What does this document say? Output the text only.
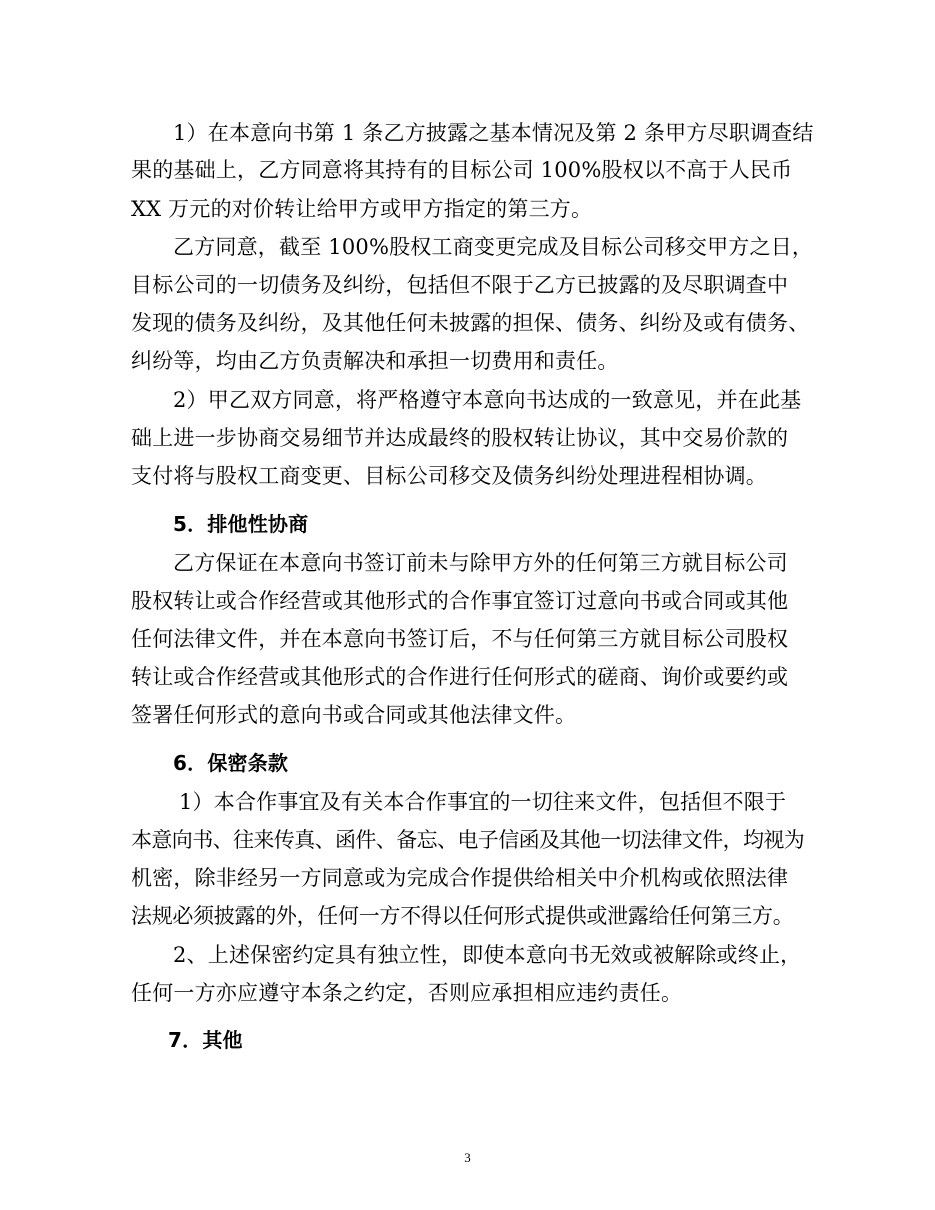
1）在本意向书第 1 条乙方披露之基本情况及第 2 条甲方尽职调查结
果的基础上，乙方同意将其持有的目标公司 100%股权以不高于人民币
XX 万元的对价转让给甲方或甲方指定的第三方。
乙方同意，截至 100%股权工商变更完成及目标公司移交甲方之日，
目标公司的一切债务及纠纷，包括但不限于乙方已披露的及尽职调查中
发现的债务及纠纷，及其他任何未披露的担保、债务、纠纷及或有债务、
纠纷等，均由乙方负责解决和承担一切费用和责任。
2）甲乙双方同意，将严格遵守本意向书达成的一致意见，并在此基
础上进一步协商交易细节并达成最终的股权转让协议，其中交易价款的
支付将与股权工商变更、目标公司移交及债务纠纷处理进程相协调。
5．排他性协商
乙方保证在本意向书签订前未与除甲方外的任何第三方就目标公司
股权转让或合作经营或其他形式的合作事宜签订过意向书或合同或其他
任何法律文件，并在本意向书签订后，不与任何第三方就目标公司股权
转让或合作经营或其他形式的合作进行任何形式的磋商、询价或要约或
签署任何形式的意向书或合同或其他法律文件。
6．保密条款
1）本合作事宜及有关本合作事宜的一切往来文件，包括但不限于
本意向书、往来传真、函件、备忘、电子信函及其他一切法律文件，均视为
机密，除非经另一方同意或为完成合作提供给相关中介机构或依照法律
法规必须披露的外，任何一方不得以任何形式提供或泄露给任何第三方。
2、上述保密约定具有独立性，即使本意向书无效或被解除或终止，
任何一方亦应遵守本条之约定，否则应承担相应违约责任。
7．其他
3
